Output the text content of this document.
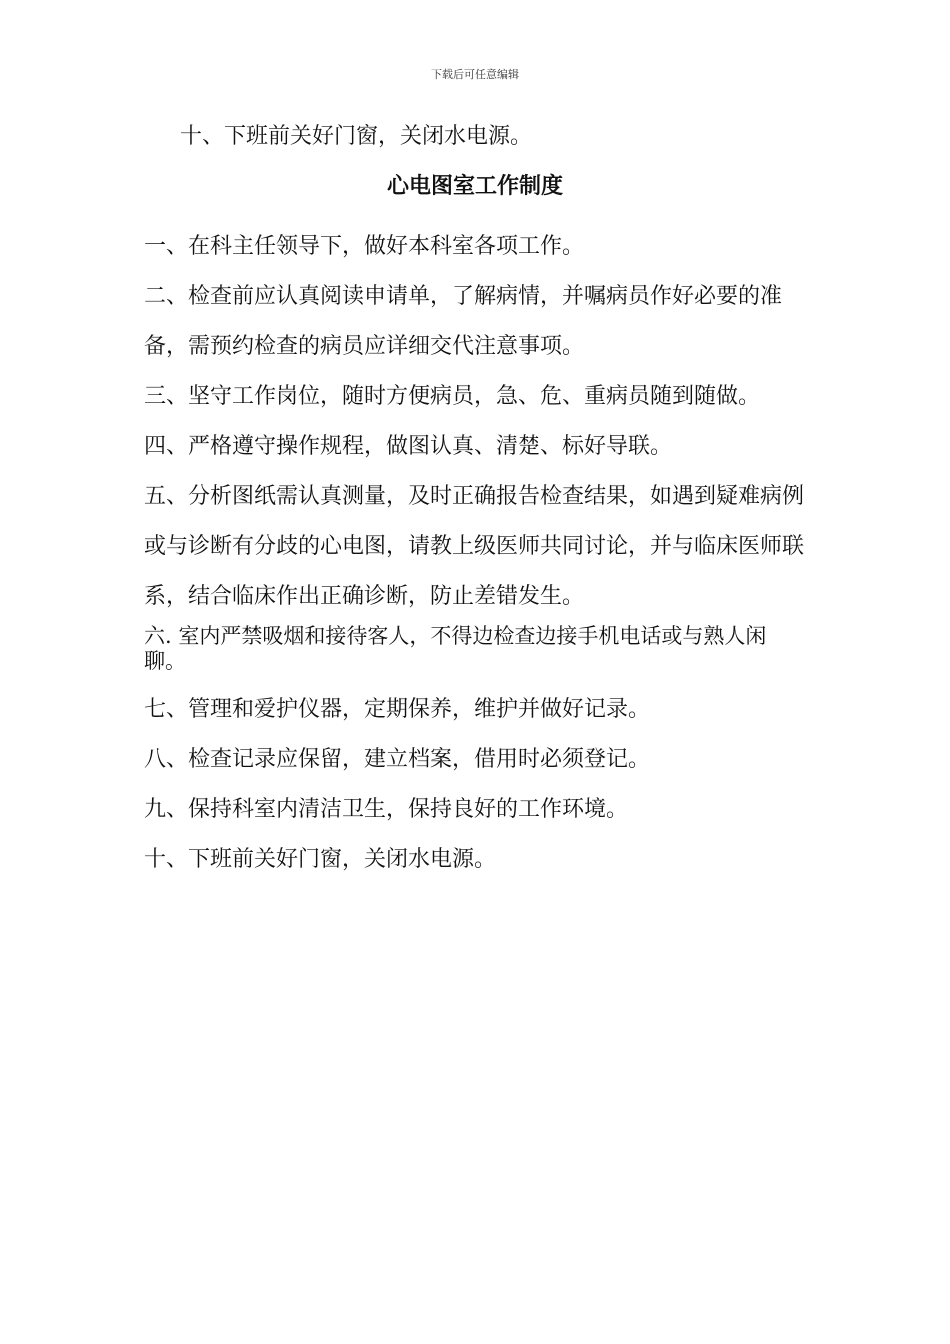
下载后可任意编辑
十、下班前关好门窗，关闭水电源。
心电图室工作制度

一、在科主任领导下，做好本科室各项工作。

二、检查前应认真阅读申请单，了解病情，并嘱病员作好必要的准备，需预约检查的病员应详细交代注意事项。

三、坚守工作岗位，随时方便病员，急、危、重病员随到随做。

四、严格遵守操作规程，做图认真、清楚、标好导联。

五、分析图纸需认真测量，及时正确报告检查结果，如遇到疑难病例或与诊断有分歧的心电图，请教上级医师共同讨论，并与临床医师联系，结合临床作出正确诊断，防止差错发生。

六. 室内严禁吸烟和接待客人，不得边检查边接手机电话或与熟人闲聊。

七、管理和爱护仪器，定期保养，维护并做好记录。

八、检查记录应保留，建立档案，借用时必须登记。

九、保持科室内清洁卫生，保持良好的工作环境。

十、下班前关好门窗，关闭水电源。
